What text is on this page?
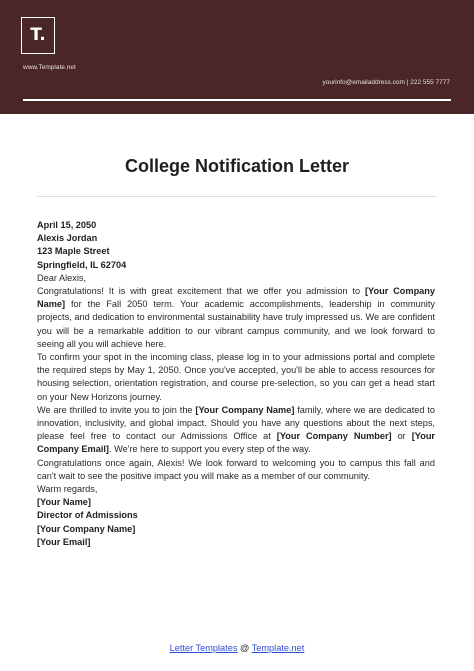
T.
www.Template.net
yourinfo@emailaddress.com | 222 555 7777
College Notification Letter

April 15, 2050

Alexis Jordan

123 Maple Street

Springfield, IL 62704

Dear Alexis,

Congratulations! It is with great excitement that we offer you admission to [Your Company Name] for the Fall 2050 term. Your academic accomplishments, leadership in community projects, and dedication to environmental sustainability have truly impressed us. We are confident you will be a remarkable addition to our vibrant campus community, and we look forward to seeing all you will achieve here.

To confirm your spot in the incoming class, please log in to your admissions portal and complete the required steps by May 1, 2050. Once you've accepted, you'll be able to access resources for housing selection, orientation registration, and course pre-selection, so you can get a head start on your New Horizons journey.

We are thrilled to invite you to join the [Your Company Name] family, where we are dedicated to innovation, inclusivity, and global impact. Should you have any questions about the next steps, please feel free to contact our Admissions Office at [Your Company Number] or [Your Company Email]. We're here to support you every step of the way.

Congratulations once again, Alexis! We look forward to welcoming you to campus this fall and can't wait to see the positive impact you will make as a member of our community.

Warm regards,

[Your Name]

Director of Admissions

[Your Company Name]

[Your Email]

Letter Templates @ Template.net
